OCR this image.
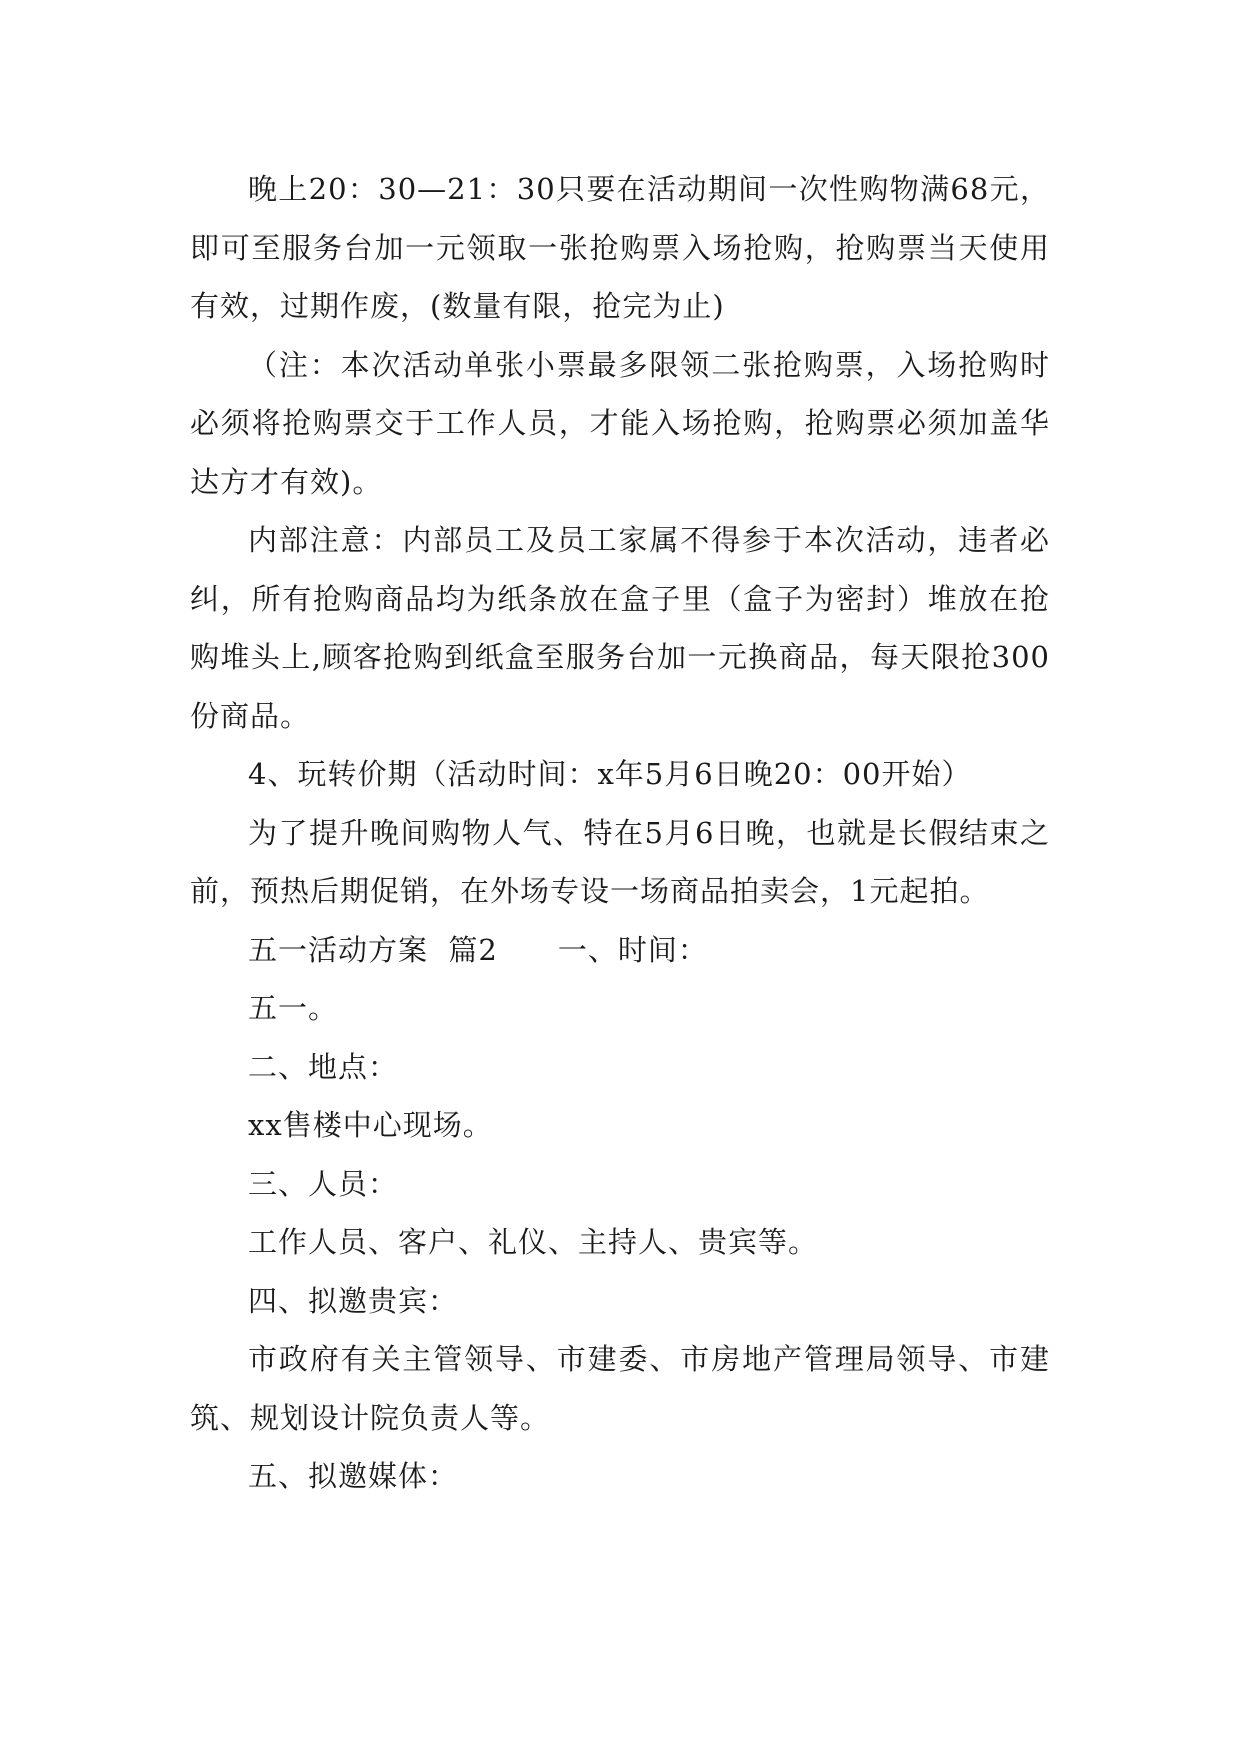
晚上20：30—21：30只要在活动期间一次性购物满68元，即可至服务台加一元领取一张抢购票入场抢购，抢购票当天使用有效，过期作废，(数量有限，抢完为止)

（注：本次活动单张小票最多限领二张抢购票，入场抢购时必须将抢购票交于工作人员，才能入场抢购，抢购票必须加盖华达方才有效)。

内部注意：内部员工及员工家属不得参于本次活动，违者必纠，所有抢购商品均为纸条放在盒子里（盒子为密封）堆放在抢购堆头上,顾客抢购到纸盒至服务台加一元换商品，每天限抢300份商品。

4、玩转价期（活动时间：x年5月6日晚20：00开始）

为了提升晚间购物人气、特在5月6日晚，也就是长假结束之前，预热后期促销，在外场专设一场商品拍卖会，1元起拍。

五一活动方案  篇2　　一、时间：

五一。

二、地点：

xx售楼中心现场。

三、人员：

工作人员、客户、礼仪、主持人、贵宾等。

四、拟邀贵宾：

市政府有关主管领导、市建委、市房地产管理局领导、市建筑、规划设计院负责人等。

五、拟邀媒体：
